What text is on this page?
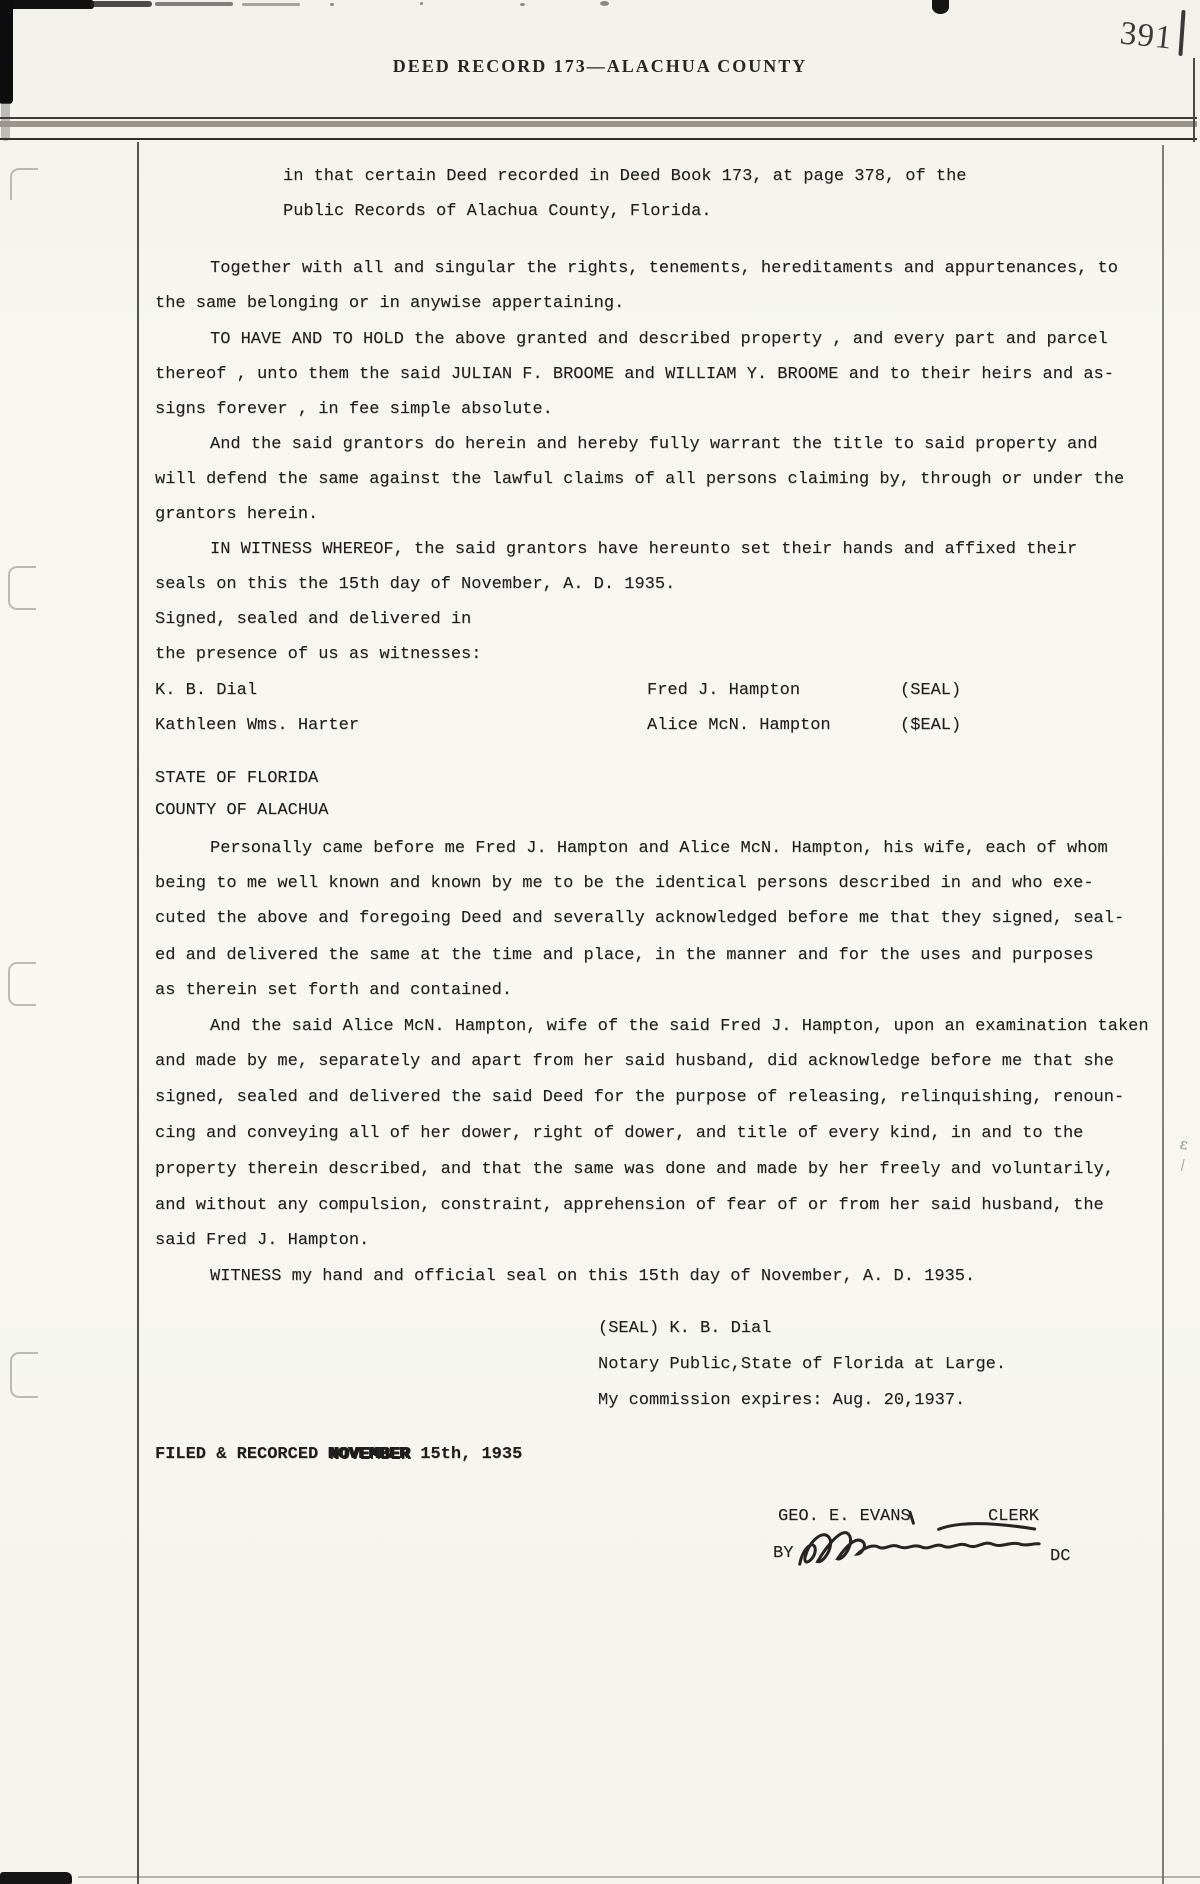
ε
⁄
391
DEED RECORD 173—ALACHUA COUNTY
in that certain Deed recorded in Deed Book 173, at page 378, of the
Public Records of Alachua County, Florida.
Together with all and singular the rights, tenements, hereditaments and appurtenances, to
the same belonging or in anywise appertaining.
TO HAVE AND TO HOLD the above granted and described property , and every part and parcel
thereof , unto them the said JULIAN F. BROOME and WILLIAM Y. BROOME and to their heirs and as-
signs forever , in fee simple absolute.
And the said grantors do herein and hereby fully warrant the title to said property and
will defend the same against the lawful claims of all persons claiming by, through or under the
grantors herein.
IN WITNESS WHEREOF, the said grantors have hereunto set their hands and affixed their
seals on this the 15th day of November, A. D. 1935.
Signed, sealed and delivered in
the presence of us as witnesses:
K. B. Dial	Fred J. Hampton	(SEAL)
Kathleen Wms. Harter	Alice McN. Hampton	($EAL)
STATE OF FLORIDA
COUNTY OF ALACHUA
Personally came before me Fred J. Hampton and Alice McN. Hampton, his wife, each of whom
being to me well known and known by me to be the identical persons described in and who exe-
cuted the above and foregoing Deed and severally acknowledged before me that they signed, seal-
ed and delivered the same at the time and place, in the manner and for the uses and purposes
as therein set forth and contained.
And the said Alice McN. Hampton, wife of the said Fred J. Hampton, upon an examination taken
and made by me, separately and apart from her said husband, did acknowledge before me that she
signed, sealed and delivered the said Deed for the purpose of releasing, relinquishing, renoun-
cing and conveying all of her dower, right of dower, and title of every kind, in and to the
property therein described, and that the same was done and made by her freely and voluntarily,
and without any compulsion, constraint, apprehension of fear of or from her said husband, the
said Fred J. Hampton.
WITNESS my hand and official seal on this 15th day of November, A. D. 1935.
(SEAL) K. B. Dial
Notary Public,State of Florida at Large.
My commission expires: Aug. 20,1937.
FILED & RECORCED NOVEMBER 15th, 1935
GEO. E. EVANS	CLERK
BY	DC
